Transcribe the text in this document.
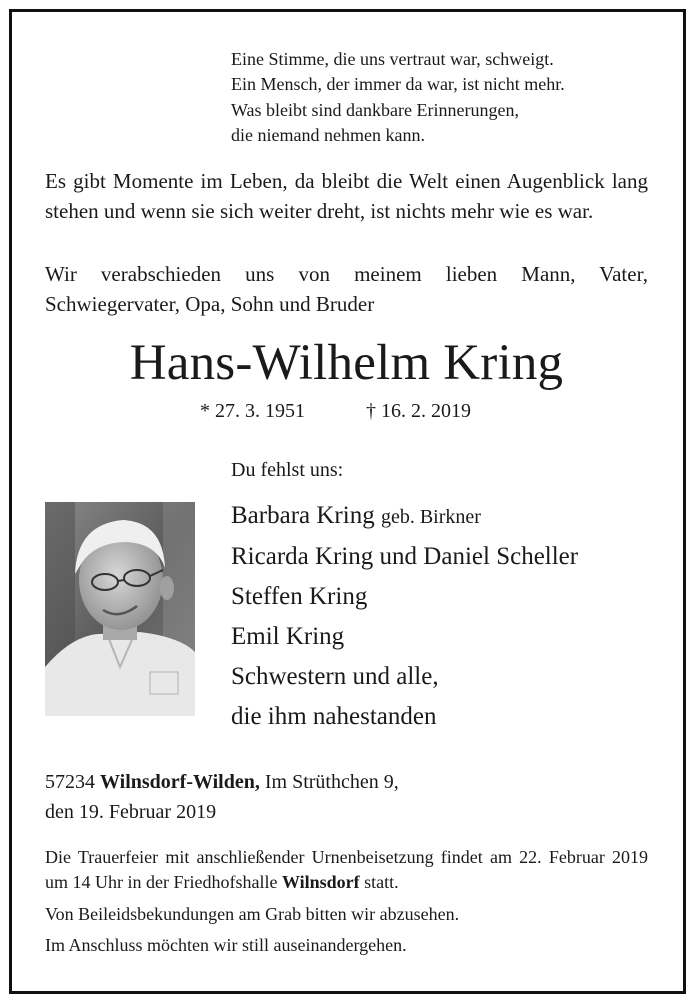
Eine Stimme, die uns vertraut war, schweigt.
Ein Mensch, der immer da war, ist nicht mehr.
Was bleibt sind dankbare Erinnerungen,
die niemand nehmen kann.
Es gibt Momente im Leben, da bleibt die Welt einen Augenblick lang stehen und wenn sie sich weiter dreht, ist nichts mehr wie es war.
Wir verabschieden uns von meinem lieben Mann, Vater, Schwiegervater, Opa, Sohn und Bruder
Hans-Wilhelm Kring
* 27. 3. 1951	† 16. 2. 2019
Du fehlst uns:
Barbara Kring geb. Birkner
Ricarda Kring und Daniel Scheller
Steffen Kring
Emil Kring
Schwestern und alle,
die ihm nahestanden
57234 Wilnsdorf-Wilden, Im Strüthchen 9,
den 19. Februar 2019
Die Trauerfeier mit anschließender Urnenbeisetzung findet am 22. Februar 2019 um 14 Uhr in der Friedhofshalle Wilnsdorf statt.
Von Beileidsbekundungen am Grab bitten wir abzusehen.
Im Anschluss möchten wir still auseinandergehen.
